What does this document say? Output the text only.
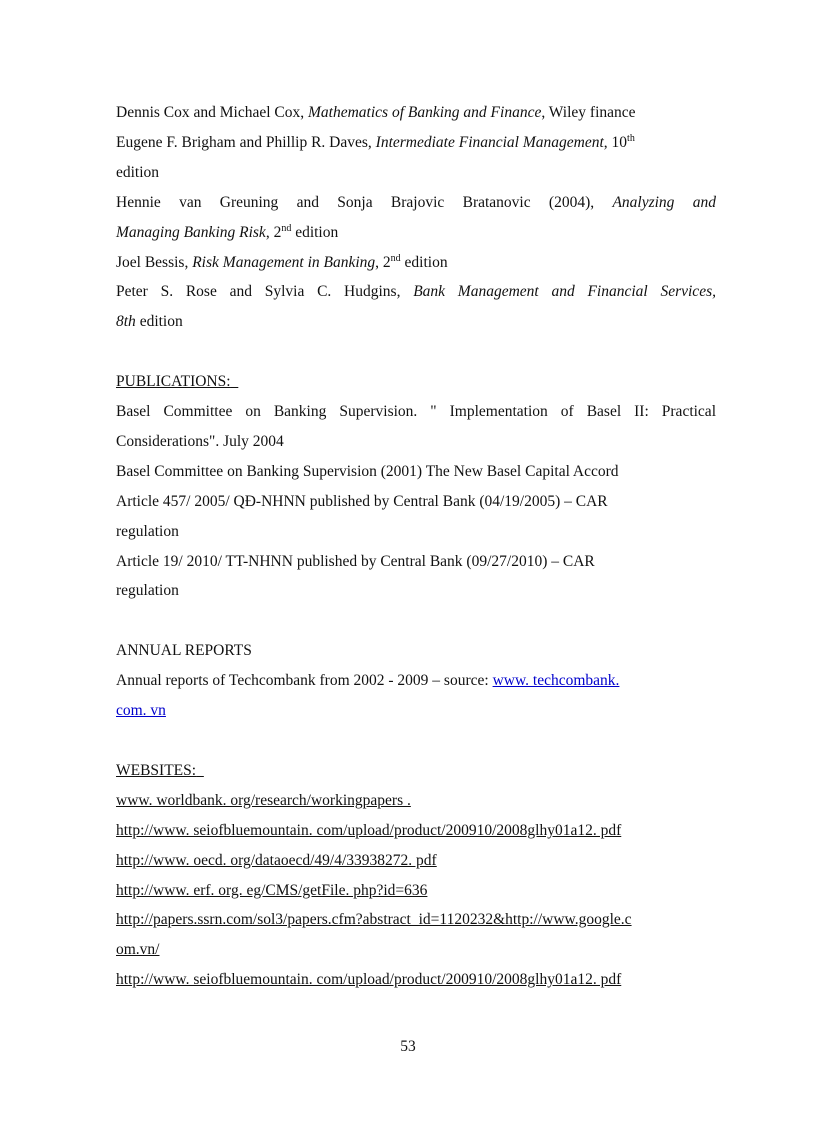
Dennis Cox and Michael Cox, Mathematics of Banking and Finance, Wiley finance
Eugene F. Brigham and Phillip R. Daves, Intermediate Financial Management, 10th
edition
Hennie van Greuning and Sonja Brajovic Bratanovic (2004), Analyzing and
Managing Banking Risk, 2nd edition
Joel Bessis, Risk Management in Banking, 2nd edition
Peter S. Rose and Sylvia C. Hudgins, Bank Management and Financial Services,
8th edition
PUBLICATIONS:
Basel Committee on Banking Supervision. " Implementation of Basel II: Practical
Considerations". July 2004
Basel Committee on Banking Supervision (2001) The New Basel Capital Accord
Article 457/ 2005/ QĐ-NHNN published by Central Bank (04/19/2005) – CAR
regulation
Article 19/ 2010/ TT-NHNN published by Central Bank (09/27/2010) – CAR
regulation
ANNUAL REPORTS
Annual reports of Techcombank from 2002 - 2009 – source: www. techcombank.
com. vn
WEBSITES:
www. worldbank. org/research/workingpapers .
http://www. seiofbluemountain. com/upload/product/200910/2008glhy01a12. pdf
http://www. oecd. org/dataoecd/49/4/33938272. pdf
http://www. erf. org. eg/CMS/getFile. php?id=636
http://papers.ssrn.com/sol3/papers.cfm?abstract_id=1120232&http://www.google.c
om.vn/
http://www. seiofbluemountain. com/upload/product/200910/2008glhy01a12. pdf
53
